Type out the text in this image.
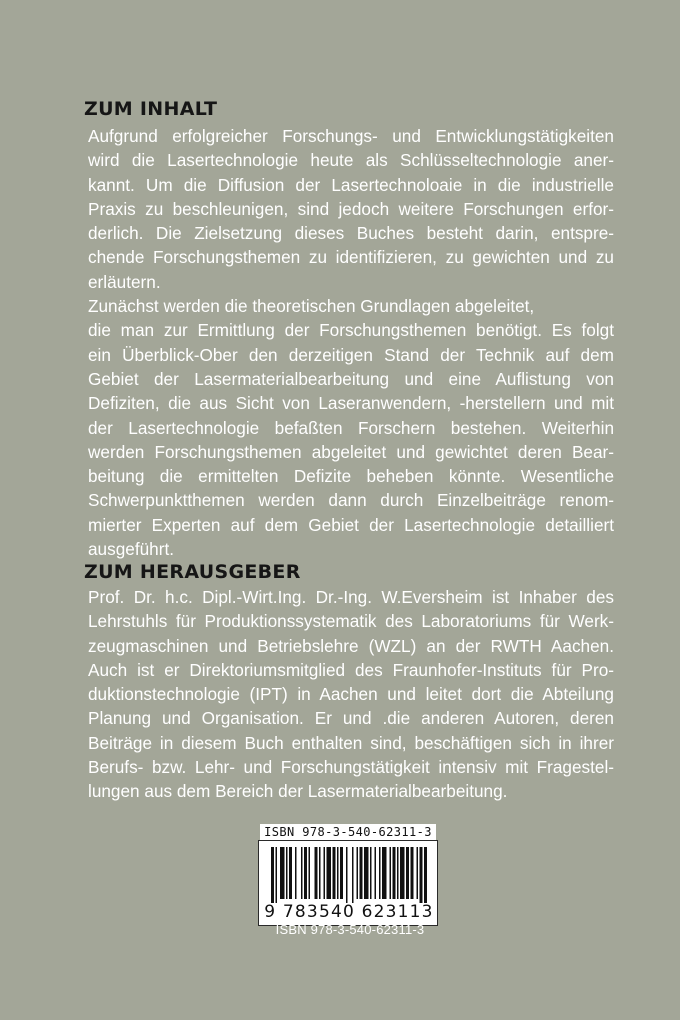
ZUM INHALT
Aufgrund erfolgreicher Forschungs- und Entwicklungstätigkeiten
wird die Lasertechnologie heute als Schlüsseltechnologie aner-
kannt. Um die Diffusion der Lasertechnoloaie in die industrielle
Praxis zu beschleunigen, sind jedoch weitere Forschungen erfor-
derlich. Die Zielsetzung dieses Buches besteht darin, entspre-
chende Forschungsthemen zu identifizieren, zu gewichten und zu
erläutern.
Zunächst werden die theoretischen Grundlagen abgeleitet,
die man zur Ermittlung der Forschungsthemen benötigt. Es folgt
ein Überblick-Ober den derzeitigen Stand der Technik auf dem
Gebiet der Lasermaterialbearbeitung und eine Auflistung von
Defiziten, die aus Sicht von Laseranwendern, -herstellern und mit
der Lasertechnologie befaßten Forschern bestehen. Weiterhin
werden Forschungsthemen abgeleitet und gewichtet deren Bear-
beitung die ermittelten Defizite beheben könnte. Wesentliche
Schwerpunktthemen werden dann durch Einzelbeiträge renom-
mierter Experten auf dem Gebiet der Lasertechnologie detailliert
ausgeführt.
ZUM HERAUSGEBER
Prof. Dr. h.c. Dipl.-Wirt.Ing. Dr.-Ing. W.Eversheim ist Inhaber des
Lehrstuhls für Produktionssystematik des Laboratoriums für Werk-
zeugmaschinen und Betriebslehre (WZL) an der RWTH Aachen.
Auch ist er Direktoriumsmitglied des Fraunhofer-Instituts für Pro-
duktionstechnologie (IPT) in Aachen und leitet dort die Abteilung
Planung und Organisation. Er und .die anderen Autoren, deren
Beiträge in diesem Buch enthalten sind, beschäftigen sich in ihrer
Berufs- bzw. Lehr- und Forschungstätigkeit intensiv mit Fragestel-
lungen aus dem Bereich der Lasermaterialbearbeitung.
ISBN 978-3-540-62311-3
9 783540 623113
ISBN 978-3-540-62311-3
